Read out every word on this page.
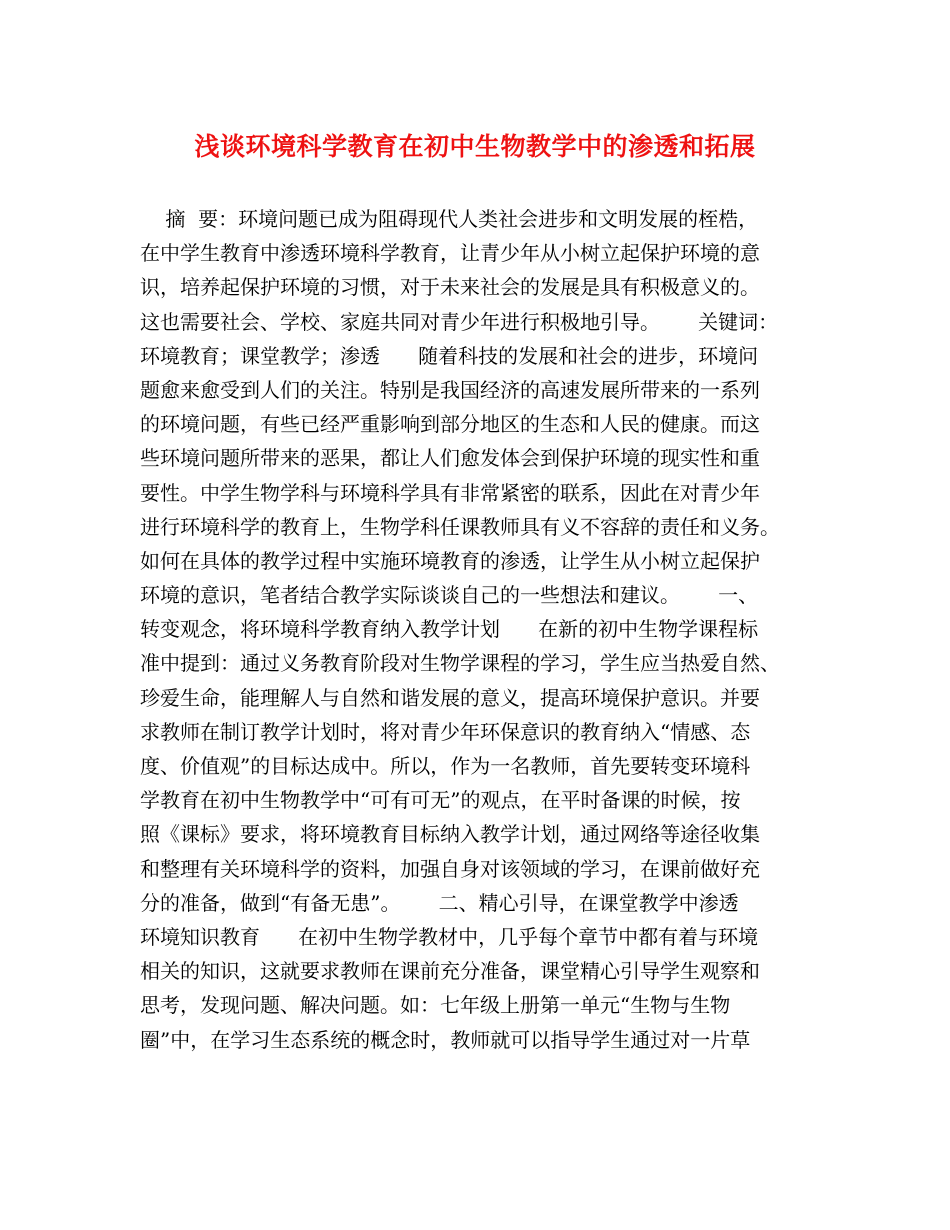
浅谈环境科学教育在初中生物教学中的渗透和拓展
摘  要：环境问题已成为阻碍现代人类社会进步和文明发展的桎梏，
在中学生教育中渗透环境科学教育，让青少年从小树立起保护环境的意
识，培养起保护环境的习惯，对于未来社会的发展是具有积极意义的。
这也需要社会、学校、家庭共同对青少年进行积极地引导。      关键词：
环境教育；课堂教学；渗透      随着科技的发展和社会的进步，环境问
题愈来愈受到人们的关注。特别是我国经济的高速发展所带来的一系列
的环境问题，有些已经严重影响到部分地区的生态和人民的健康。而这
些环境问题所带来的恶果，都让人们愈发体会到保护环境的现实性和重
要性。中学生物学科与环境科学具有非常紧密的联系，因此在对青少年
进行环境科学的教育上，生物学科任课教师具有义不容辞的责任和义务。
如何在具体的教学过程中实施环境教育的渗透，让学生从小树立起保护
环境的意识，笔者结合教学实际谈谈自己的一些想法和建议。      一、
转变观念，将环境科学教育纳入教学计划      在新的初中生物学课程标
准中提到：通过义务教育阶段对生物学课程的学习，学生应当热爱自然、
珍爱生命，能理解人与自然和谐发展的意义，提高环境保护意识。并要
求教师在制订教学计划时，将对青少年环保意识的教育纳入“情感、态
度、价值观”的目标达成中。所以，作为一名教师，首先要转变环境科
学教育在初中生物教学中“可有可无”的观点，在平时备课的时候，按
照《课标》要求，将环境教育目标纳入教学计划，通过网络等途径收集
和整理有关环境科学的资料，加强自身对该领域的学习，在课前做好充
分的准备，做到“有备无患”。      二、精心引导，在课堂教学中渗透
环境知识教育      在初中生物学教材中，几乎每个章节中都有着与环境
相关的知识，这就要求教师在课前充分准备，课堂精心引导学生观察和
思考，发现问题、解决问题。如：七年级上册第一单元“生物与生物
圈”中，在学习生态系统的概念时，教师就可以指导学生通过对一片草
